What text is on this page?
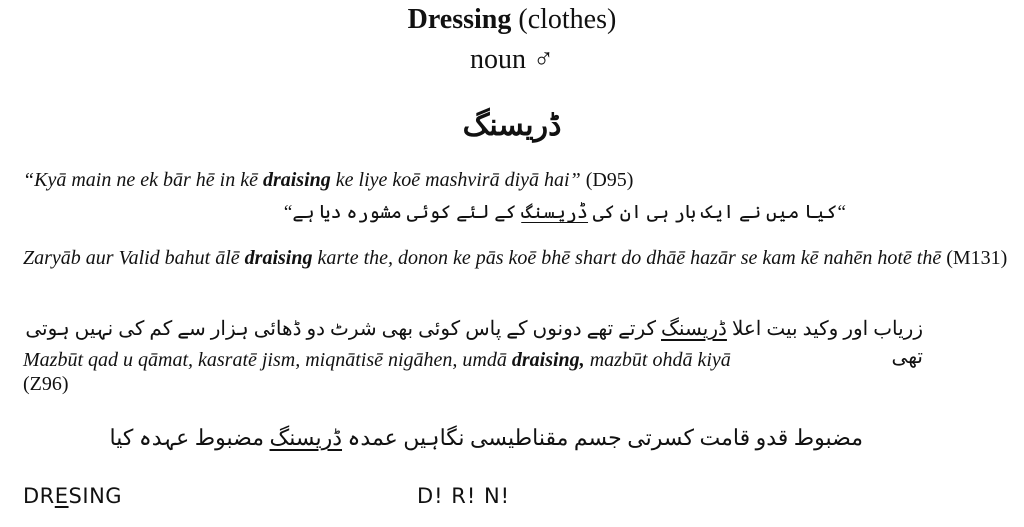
Dressing (clothes)
noun ♂
ڈریسنگ
“Kyā main ne ek bār hē in kē draising ke liye koē mashvirā diyā hai” (D95)
“کیا میں نے ایک بار ہی ان کی ڈریسنگ کے لئے کوئی مشورہ دیا ہے“
Zaryāb aur Valid bahut ālē draising karte the, donon ke pās koē bhē shart do dhāē hazār se kam kē nahēn hotē thē (M131)
زریاب اور وکید بیت اعلا ڈریسنگ کرتے تھے دونوں کے پاس کوئی بھی شرٹ دو ڈھائی ہزار سے کم کی نہیں ہوتی تھی
Mazbūt qad u qāmat, kasratē jism, miqnātisē nigāhen, umdā draising, mazbūt ohdā kiyā
(Z96)
مضبوط قدو قامت کسرتی جسم مقناطیسی نگاہیں عمدہ ڈریسنگ مضبوط عہدہ کیا
DRESING	D! R! N!
